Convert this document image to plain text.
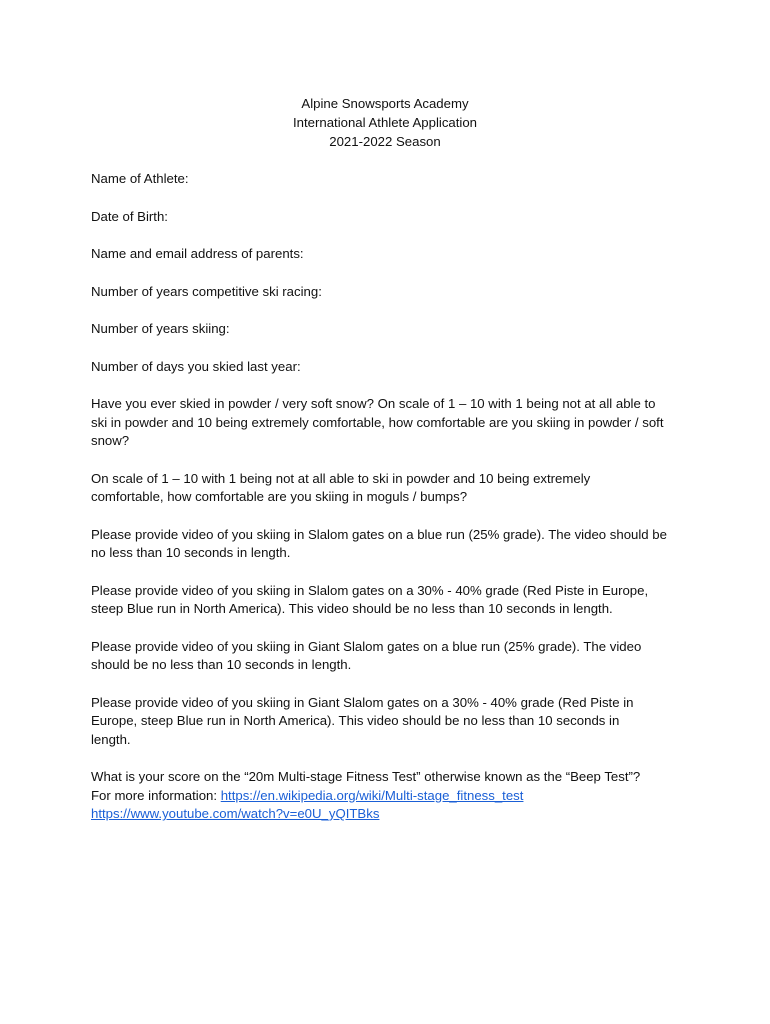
Alpine Snowsports Academy
International Athlete Application
2021-2022 Season
Name of Athlete:
Date of Birth:
Name and email address of parents:
Number of years competitive ski racing:
Number of years skiing:
Number of days you skied last year:
Have you ever skied in powder / very soft snow? On scale of 1 – 10 with 1 being not at all able to ski in powder and 10 being extremely comfortable, how comfortable are you skiing in powder / soft snow?
On scale of 1 – 10 with 1 being not at all able to ski in powder and 10 being extremely comfortable, how comfortable are you skiing in moguls / bumps?
Please provide video of you skiing in Slalom gates on a blue run (25% grade). The video should be no less than 10 seconds in length.
Please provide video of you skiing in Slalom gates on a 30% - 40% grade (Red Piste in Europe, steep Blue run in North America). This video should be no less than 10 seconds in length.
Please provide video of you skiing in Giant Slalom gates on a blue run (25% grade). The video should be no less than 10 seconds in length.
Please provide video of you skiing in Giant Slalom gates on a 30% - 40% grade (Red Piste in Europe, steep Blue run in North America). This video should be no less than 10 seconds in length.
What is your score on the “20m Multi-stage Fitness Test” otherwise known as the “Beep Test”?
For more information: https://en.wikipedia.org/wiki/Multi-stage_fitness_test
https://www.youtube.com/watch?v=e0U_yQITBks
